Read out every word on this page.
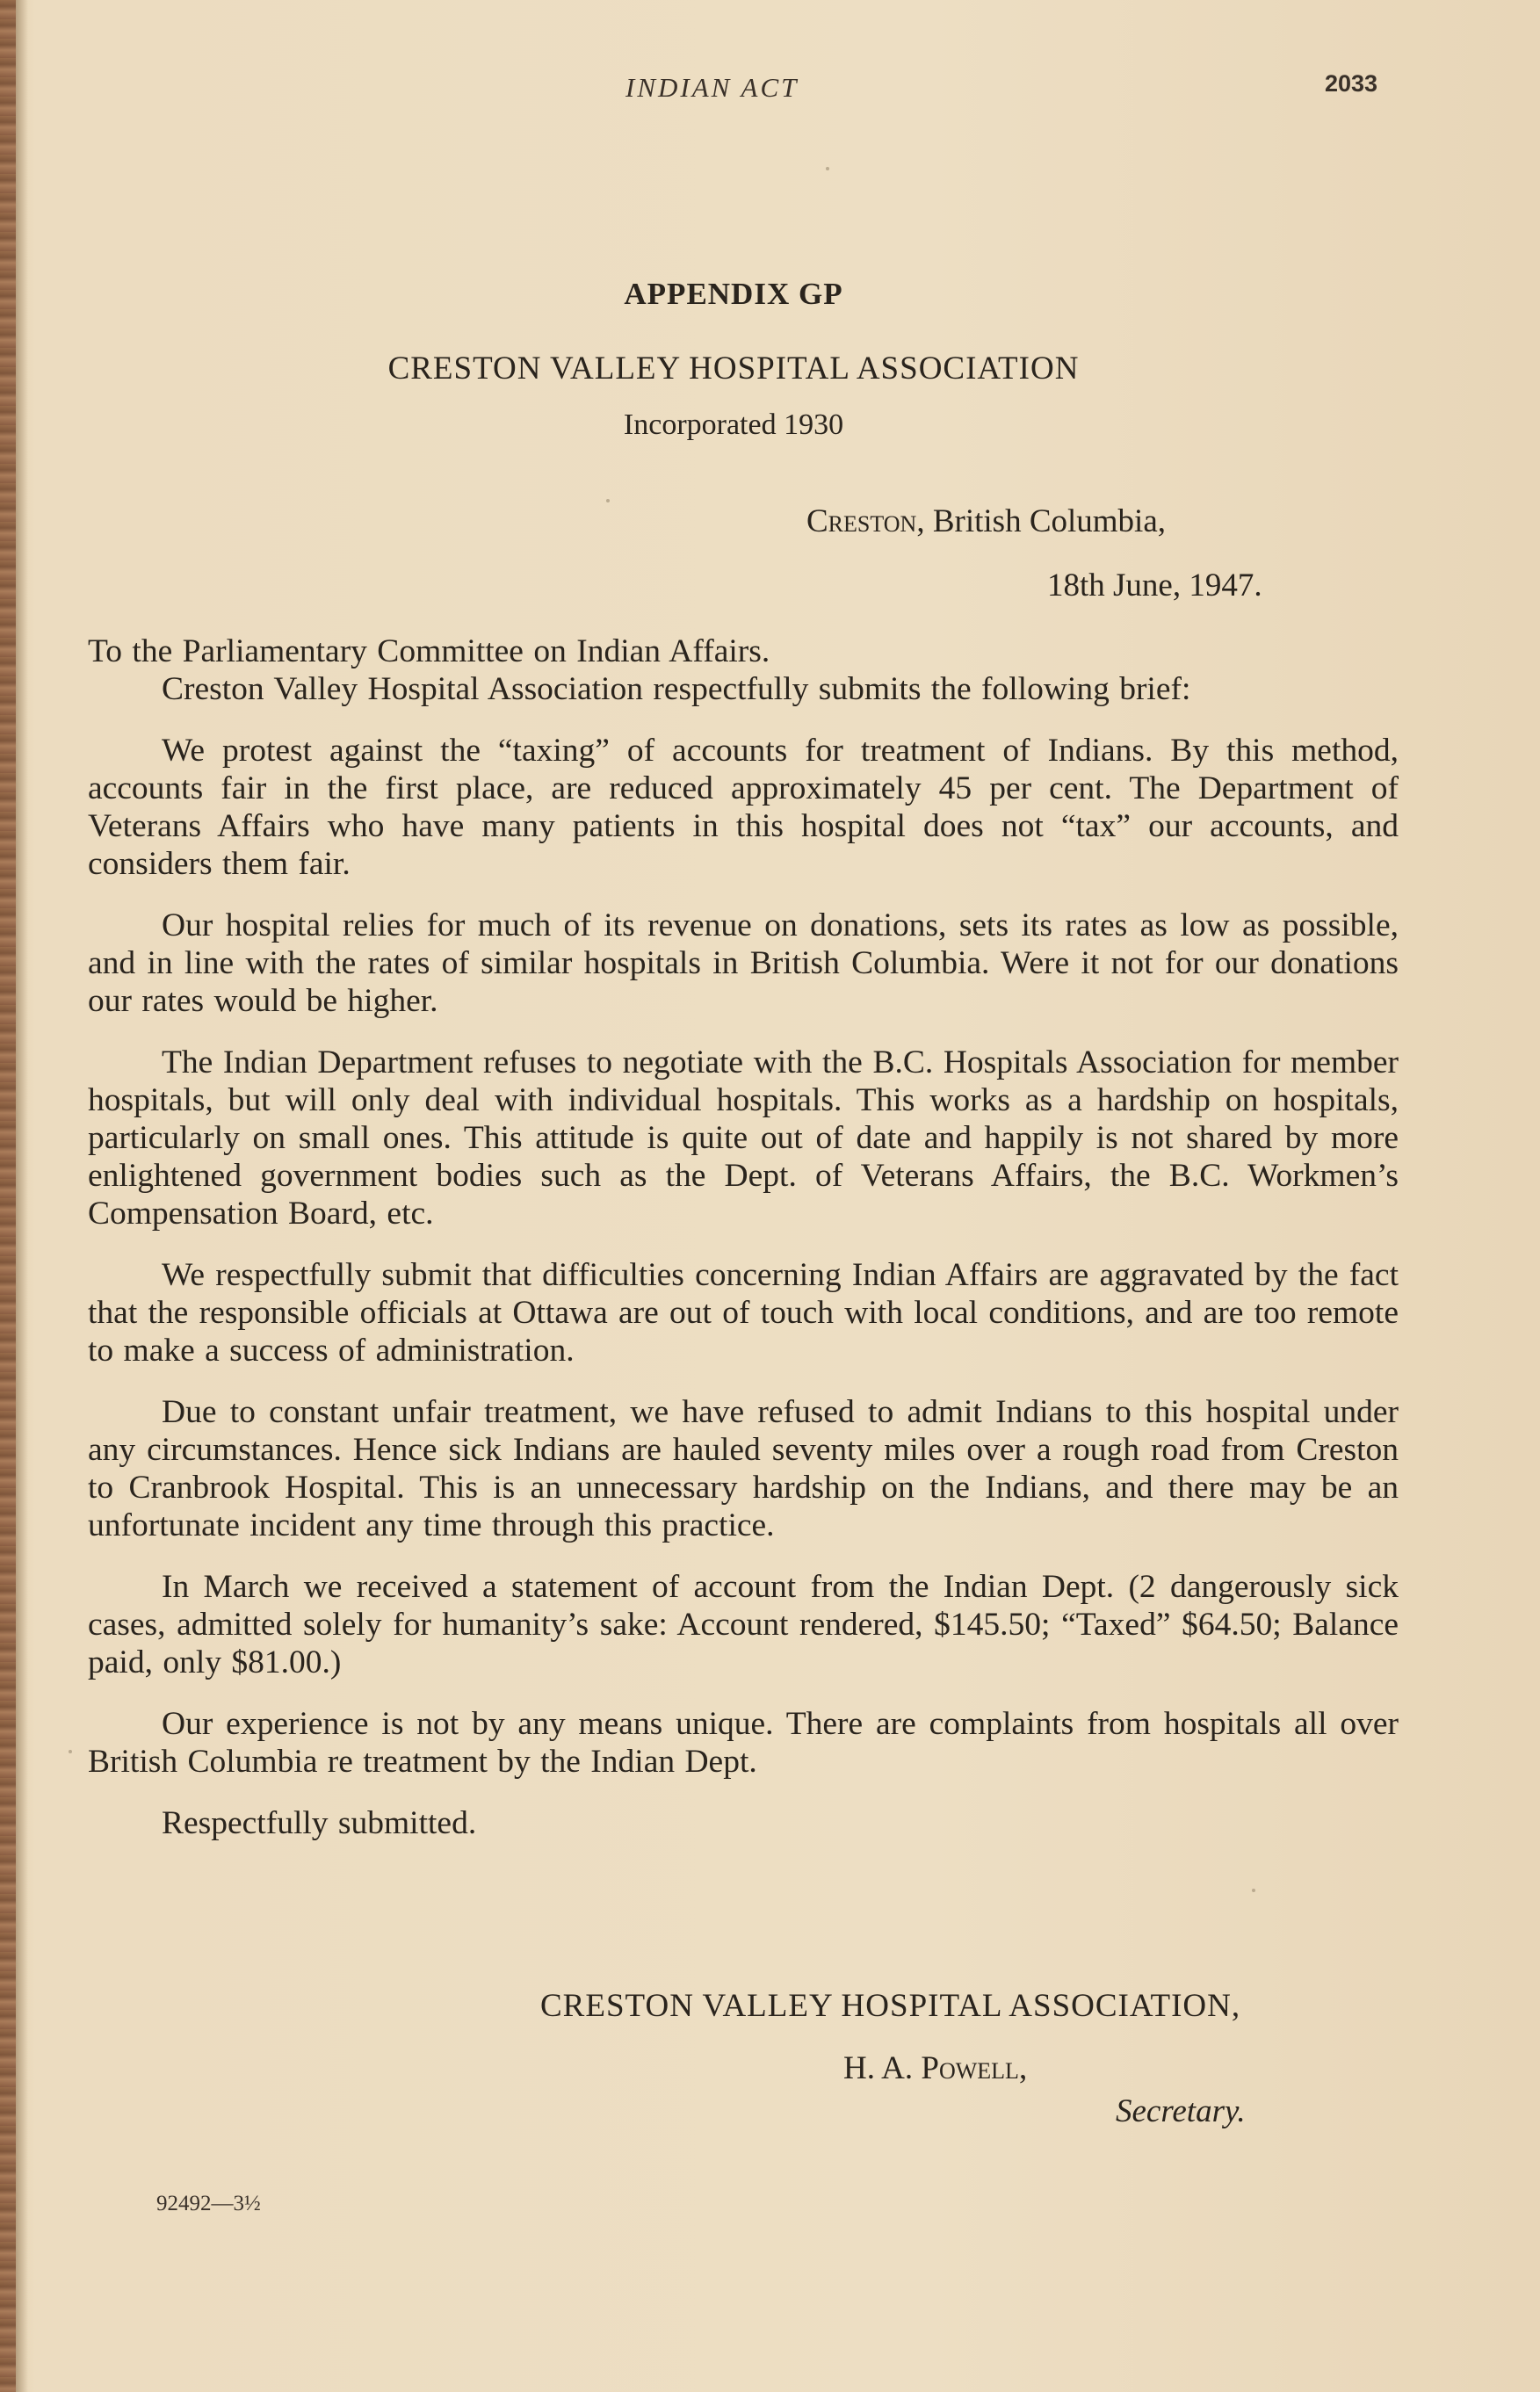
INDIAN ACT	2033
APPENDIX GP
CRESTON VALLEY HOSPITAL ASSOCIATION
Incorporated 1930
Creston, British Columbia,
18th June, 1947.

To the Parliamentary Committee on Indian Affairs.

Creston Valley Hospital Association respectfully submits the following brief:

We protest against the “taxing” of accounts for treatment of Indians. By this method, accounts fair in the first place, are reduced approximately 45 per cent. The Department of Veterans Affairs who have many patients in this hospital does not “tax” our accounts, and considers them fair.

Our hospital relies for much of its revenue on donations, sets its rates as low as possible, and in line with the rates of similar hospitals in British Columbia. Were it not for our donations our rates would be higher.

The Indian Department refuses to negotiate with the B.C. Hospitals Association for member hospitals, but will only deal with individual hospitals. This works as a hardship on hospitals, particularly on small ones. This attitude is quite out of date and happily is not shared by more enlightened government bodies such as the Dept. of Veterans Affairs, the B.C. Workmen’s Compensation Board, etc.

We respectfully submit that difficulties concerning Indian Affairs are aggravated by the fact that the responsible officials at Ottawa are out of touch with local conditions, and are too remote to make a success of administration.

Due to constant unfair treatment, we have refused to admit Indians to this hospital under any circumstances. Hence sick Indians are hauled seventy miles over a rough road from Creston to Cranbrook Hospital. This is an unnecessary hardship on the Indians, and there may be an unfortunate incident any time through this practice.

In March we received a statement of account from the Indian Dept. (2 dangerously sick cases, admitted solely for humanity’s sake: Account rendered, $145.50; “Taxed” $64.50; Balance paid, only $81.00.)

Our experience is not by any means unique. There are complaints from hospitals all over British Columbia re treatment by the Indian Dept.

Respectfully submitted.

CRESTON VALLEY HOSPITAL ASSOCIATION,
H. A. Powell,
Secretary.
92492—3½
